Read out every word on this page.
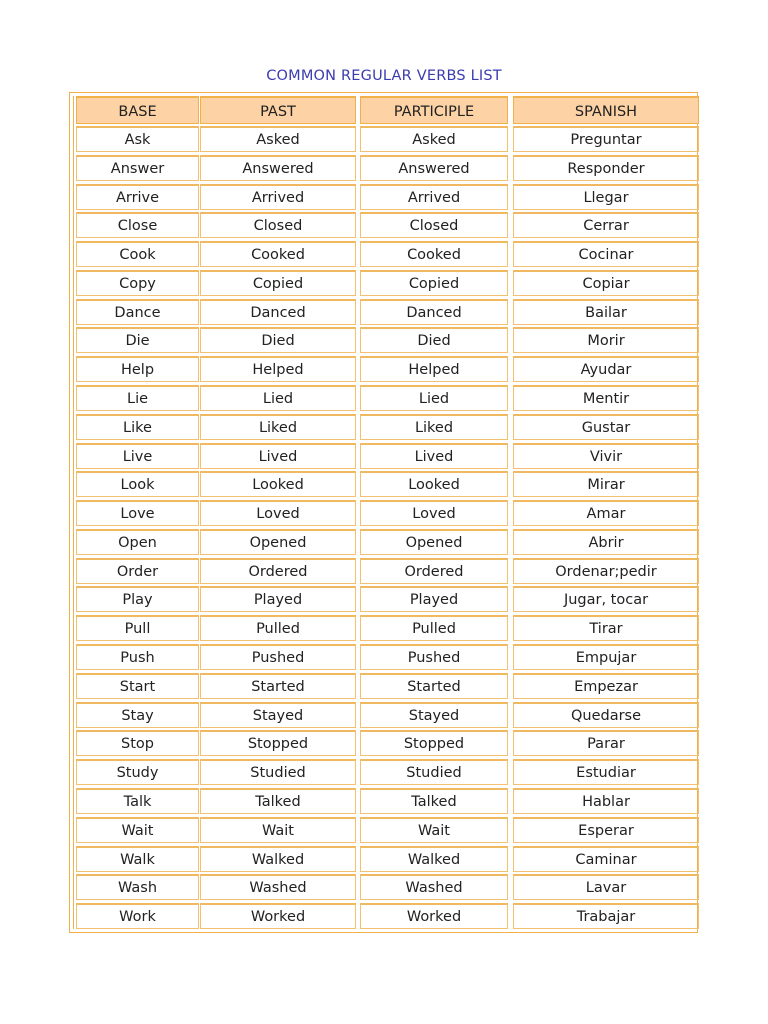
COMMON REGULAR VERBS LIST
BASE	PAST	PARTICIPLE	SPANISH
Ask	Asked	Asked	Preguntar
Answer	Answered	Answered	Responder
Arrive	Arrived	Arrived	Llegar
Close	Closed	Closed	Cerrar
Cook	Cooked	Cooked	Cocinar
Copy	Copied	Copied	Copiar
Dance	Danced	Danced	Bailar
Die	Died	Died	Morir
Help	Helped	Helped	Ayudar
Lie	Lied	Lied	Mentir
Like	Liked	Liked	Gustar
Live	Lived	Lived	Vivir
Look	Looked	Looked	Mirar
Love	Loved	Loved	Amar
Open	Opened	Opened	Abrir
Order	Ordered	Ordered	Ordenar;pedir
Play	Played	Played	Jugar, tocar
Pull	Pulled	Pulled	Tirar
Push	Pushed	Pushed	Empujar
Start	Started	Started	Empezar
Stay	Stayed	Stayed	Quedarse
Stop	Stopped	Stopped	Parar
Study	Studied	Studied	Estudiar
Talk	Talked	Talked	Hablar
Wait	Wait	Wait	Esperar
Walk	Walked	Walked	Caminar
Wash	Washed	Washed	Lavar
Work	Worked	Worked	Trabajar
